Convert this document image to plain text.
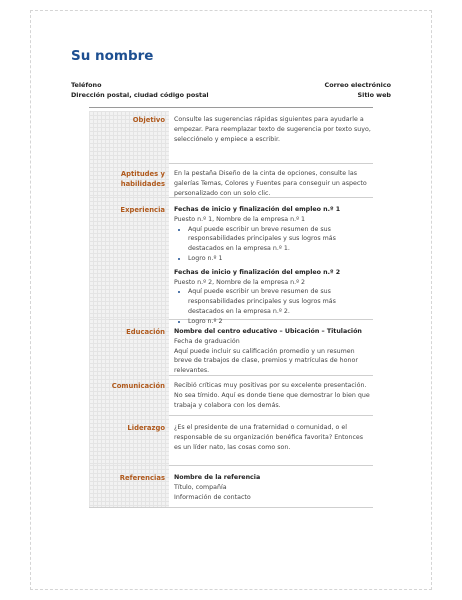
Su nombre
Teléfono
Dirección postal, ciudad código postal
Correo electrónico
Sitio web
Objetivo Consulte las sugerencias rápidas siguientes para ayudarle a empezar. Para reemplazar texto de sugerencia por texto suyo, selecciónelo y empiece a escribir.
Aptitudes y
habilidades
En la pestaña Diseño de la cinta de opciones, consulte las galerías Temas, Colores y Fuentes para conseguir un aspecto personalizado con un solo clic.
Experiencia Fechas de inicio y finalización del empleo n.º 1
Puesto n.º 1, Nombre de la empresa n.º 1
• Aquí puede escribir un breve resumen de sus responsabilidades principales y sus logros más destacados en la empresa n.º 1.
• Logro n.º 1
Fechas de inicio y finalización del empleo n.º 2
Puesto n.º 2, Nombre de la empresa n.º 2
• Aquí puede escribir un breve resumen de sus responsabilidades principales y sus logros más destacados en la empresa n.º 2.
• Logro n.º 2
Educación Nombre del centro educativo – Ubicación – Titulación
Fecha de graduación

Aquí puede incluir su calificación promedio y un resumen breve de trabajos de clase, premios y matrículas de honor relevantes.

Comunicación Recibió críticas muy positivas por su excelente presentación. No sea tímido. Aquí es donde tiene que demostrar lo bien que trabaja y colabora con los demás.
Liderazgo ¿Es el presidente de una fraternidad o comunidad, o el responsable de su organización benéfica favorita? Entonces es un líder nato, las cosas como son.
Referencias Nombre de la referencia
Título, compañía
Información de contacto
